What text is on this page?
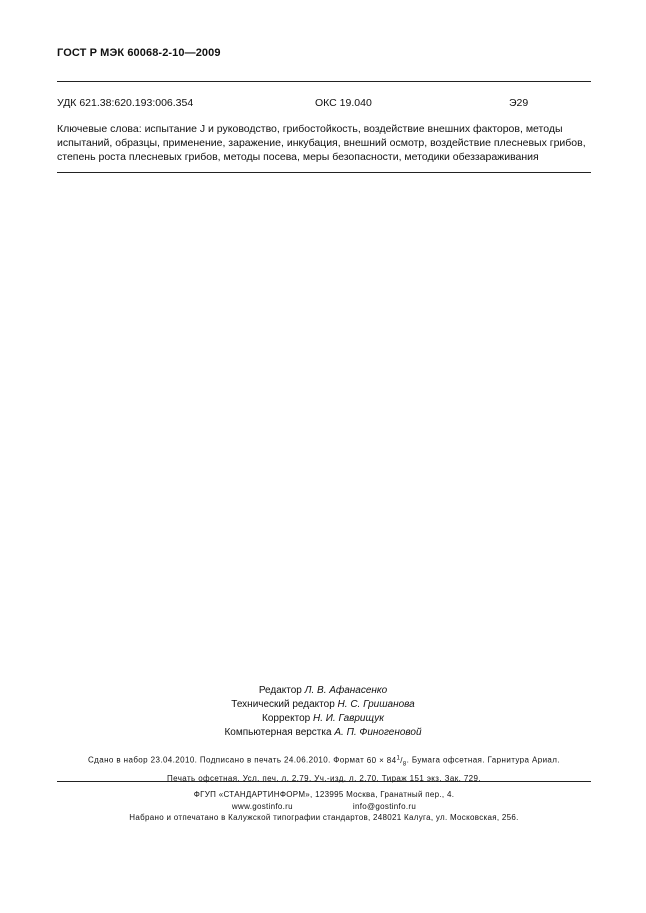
ГОСТ Р МЭК 60068-2-10—2009
УДК 621.38:620.193:006.354	ОКС 19.040	Э29
Ключевые слова: испытание J и руководство, грибостойкость, воздействие внешних факторов, методы испытаний, образцы, применение, заражение, инкубация, внешний осмотр, воздействие плесневых грибов, степень роста плесневых грибов, методы посева, меры безопасности, методики обеззараживания
Редактор Л. В. Афанасенко
Технический редактор Н. С. Гришанова
Корректор Н. И. Гаврищук
Компьютерная верстка А. П. Финогеновой
Сдано в набор 23.04.2010. Подписано в печать 24.06.2010. Формат $60 \times 84^1/_8$. Бумага офсетная. Гарнитура Ариал.
Печать офсетная. Усл. печ. л. 2,79. Уч.-изд. л. 2,70. Тираж 151 экз. Зак. 729.
ФГУП «СТАНДАРТИНФОРМ», 123995 Москва, Гранатный пер., 4.
www.gostinfo.ru	info@gostinfo.ru
Набрано и отпечатано в Калужской типографии стандартов, 248021 Калуга, ул. Московская, 256.
